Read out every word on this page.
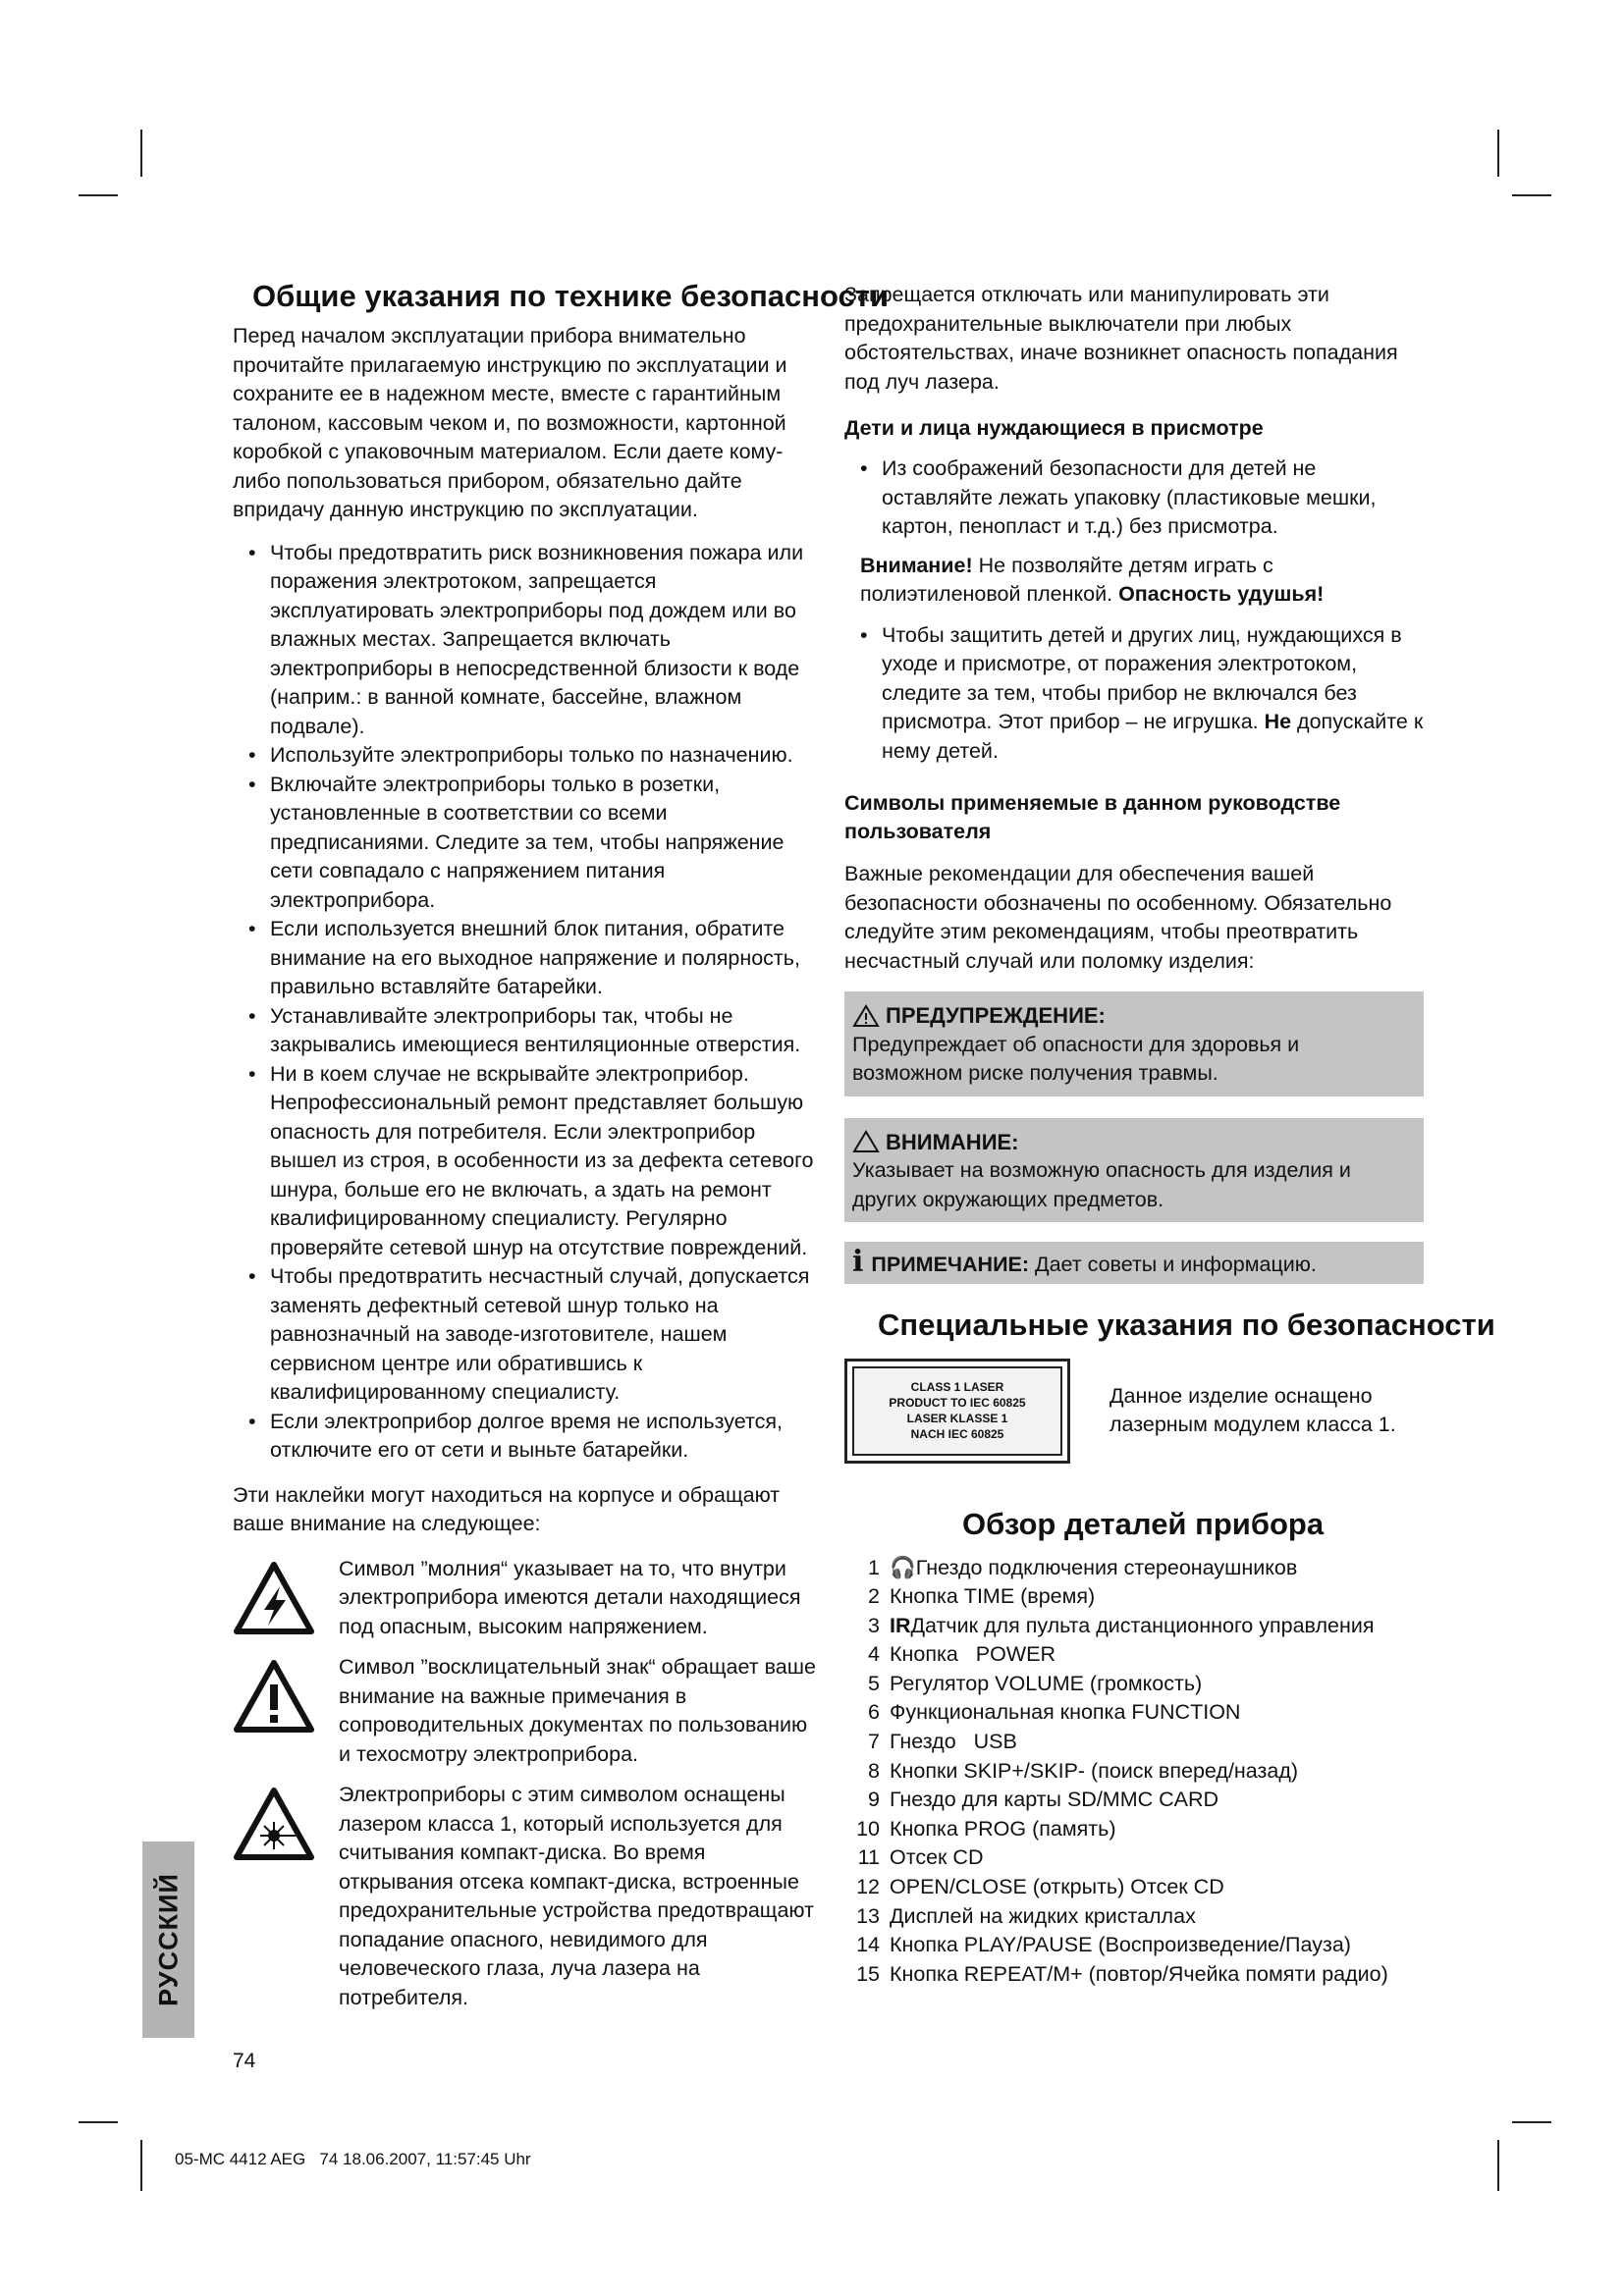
Общие указания по технике безопасности

Перед началом эксплуатации прибора внимательно прочитайте прилагаемую инструкцию по эксплуатации и сохраните ее в надежном месте, вместе с гарантийным талоном, кассовым чеком и, по возможности, картонной коробкой с упаковочным материалом. Если даете кому-либо попользоваться прибором, обязательно дайте впридачу данную инструкцию по эксплуатации.

• Чтобы предотвратить риск возникновения пожара или поражения электротоком, запрещается эксплуатировать электроприборы под дождем или во влажных местах. Запрещается включать электроприборы в непосредственной близости к воде (наприм.: в ванной комнате, бассейне, влажном подвале).
• Используйте электроприборы только по назначению.
• Включайте электроприборы только в розетки, установленные в соответствии со всеми предписаниями. Следите за тем, чтобы напряжение сети совпадало с напряжением питания электроприбора.
• Если используется внешний блок питания, обратите внимание на его выходное напряжение и полярность, правильно вставляйте батарейки.
• Устанавливайте электроприборы так, чтобы не закрывались имеющиеся вентиляционные отверстия.
• Ни в коем случае не вскрывайте электроприбор. Непрофессиональный ремонт представляет большую опасность для потребителя. Если электроприбор вышел из строя, в особенности из за дефекта сетевого шнура, больше его не включать, а здать на ремонт квалифицированному специалисту. Регулярно проверяйте сетевой шнур на отсутствие повреждений.
• Чтобы предотвратить несчастный случай, допускается заменять дефектный сетевой шнур только на равнозначный на заводе-изготовителе, нашем сервисном центре или обратившись к квалифицированному специалисту.
• Если электроприбор долгое время не используется, отключите его от сети и выньте батарейки.

Эти наклейки могут находиться на корпусе и обращают ваше внимание на следующее:

Символ ”молния“ указывает на то, что внутри электроприбора имеются детали находящиеся под опасным, высоким напряжением.
Символ ”восклицательный знак“ обращает ваше внимание на важные примечания в сопроводительных документах по пользованию и техосмотру электроприбора.
Электроприборы с этим символом оснащены лазером класса 1, который используется для считывания компакт-диска. Во время открывания отсека компакт-диска, встроенные предохранительные устройства предотвращают попадание опасного, невидимого для человеческого глаза, луча лазера на потребителя.

Запрещается отключать или манипулировать эти предохранительные выключатели при любых обстоятельствах, иначе возникнет опасность попадания под луч лазера.

Дети и лица нуждающиеся в присмотре
• Из соображений безопасности для детей не оставляйте лежать упаковку (пластиковые мешки, картон, пенопласт и т.д.) без присмотра.

Внимание! Не позволяйте детям играть с полиэтиленовой пленкой. Опасность удушья!

• Чтобы защитить детей и других лиц, нуждающихся в уходе и присмотре, от поражения электротоком, следите за тем, чтобы прибор не включался без присмотра. Этот прибор – не игрушка. Не допускайте к нему детей.
Символы применяемые в данном руководстве пользователя

Важные рекомендации для обеспечения вашей безопасности обозначены по особенному. Обязательно следуйте этим рекомендациям, чтобы преотвратить несчастный случай или поломку изделия:

ПРЕДУПРЕЖДЕНИЕ:
Предупреждает об опасности для здоровья и возможном риске получения травмы.
ВНИМАНИЕ:
Указывает на возможную опасность для изделия и других окружающих предметов.
i ПРИМЕЧАНИЕ: Дает советы и информацию.
Специальные указания по безопасности
CLASS 1 LASER
PRODUCT TO IEC 60825
LASER KLASSE 1
NACH IEC 60825
Данное изделие оснащено лазерным модулем класса 1.
Обзор деталей прибора
1 🎧 Гнездо подключения стереонаушников
2 Кнопка TIME (время)
3 IR Датчик для пульта дистанционного управления
4 Кнопка   POWER
5 Регулятор VOLUME (громкость)
6 Функциональная кнопка FUNCTION
7 Гнездо   USB
8 Кнопки SKIP+/SKIP- (поиск вперед/назад)
9 Гнездо для карты SD/MMC CARD
10 Кнопка PROG (память)
11 Отсек CD
12 OPEN/CLOSE (открыть) Отсек CD
13 Дисплей на жидких кристаллах
14 Кнопка PLAY/PAUSE (Воспроизведение/Пауза)
15 Кнопка REPEAT/M+ (повтор/Ячейка помяти радио)
РУССКИЙ
74
05-MC 4412 AEG   74 18.06.2007, 11:57:45 Uhr
